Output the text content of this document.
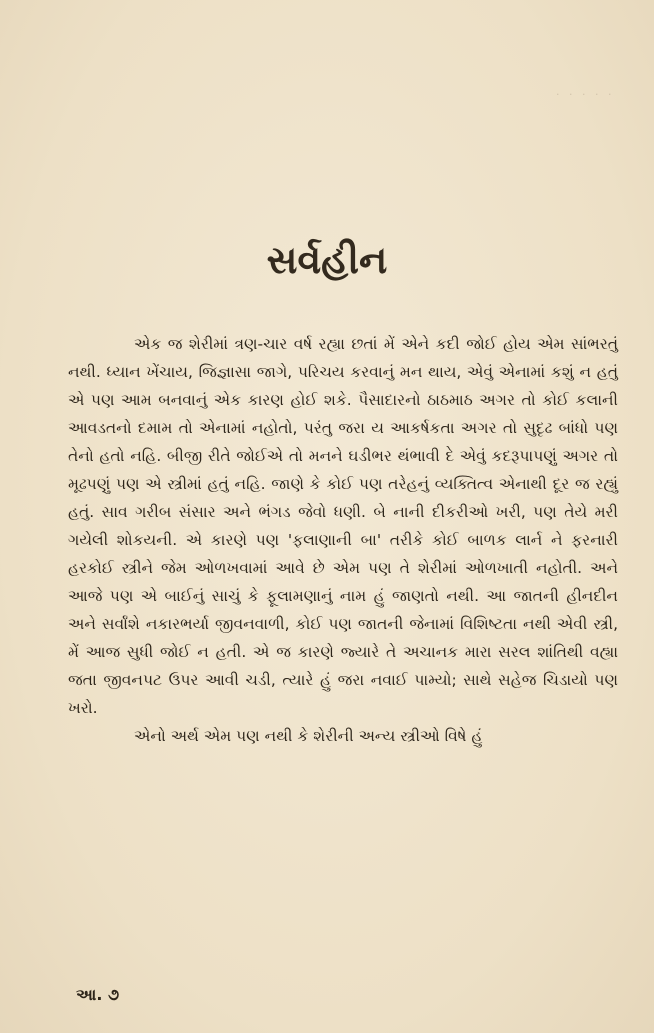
· · · · ·
સર્વહીન

એક જ શેરીમાં ત્રણ-ચાર વર્ષ રહ્યા છતાં મેં એને કદી જોઈ હોય એમ સાંભરતું નથી. ધ્યાન ખેંચાય, જિજ્ઞાસા જાગે, પરિચય કરવાનું મન થાય, એવું એનામાં કશું ન હતું એ પણ આમ બનવાનું એક કારણ હોઈ શકે. પૈસાદારનો ઠાઠમાઠ અગર તો કોઈ કલાની આવડતનો દમામ તો એનામાં નહોતો, પરંતુ જરા ય આકર્ષકતા અગર તો સુદૃઢ બાંધો પણ તેનો હતો નહિ. બીજી રીતે જોઈએ તો મનને ઘડીભર થંભાવી દે એવું કદરૂપાપણું અગર તો મૂઢપણું પણ એ સ્ત્રીમાં હતું નહિ. જાણે કે કોઈ પણ તરેહનું વ્યક્તિત્વ એનાથી દૂર જ રહ્યું હતું. સાવ ગરીબ સંસાર અને ભંગડ જેવો ધણી. બે નાની દીકરીઓ ખરી, પણ તેયે મરી ગયેલી શોકયની. એ કારણે પણ 'ફલાણાની બા' તરીકે કોઈ બાળક લાર્ન ને ફરનારી હરકોઈ સ્ત્રીને જેમ ઓળખવામાં આવે છે એમ પણ તે શેરીમાં ઓળખાતી નહોતી. અને આજે પણ એ બાઈનું સાચું કે ફૂલામણાનું નામ હું જાણતો નથી. આ જાતની હીનદીન અને સર્વાંશે નકારભર્યા જીવનવાળી, કોઈ પણ જાતની જેનામાં વિશિષ્ટતા નથી એવી સ્ત્રી, મેં આજ સુધી જોઈ ન હતી. એ જ કારણે જ્યારે તે અચાનક મારા સરલ શાંતિથી વહ્યા જતા જીવનપટ ઉપર આવી ચડી, ત્યારે હું જરા નવાઈ પામ્યો; સાથે સહેજ ચિડાયો પણ ખરો.

એનો અર્થ એમ પણ નથી કે શેરીની અન્ય સ્ત્રીઓ વિષે હું

આ. ૭
